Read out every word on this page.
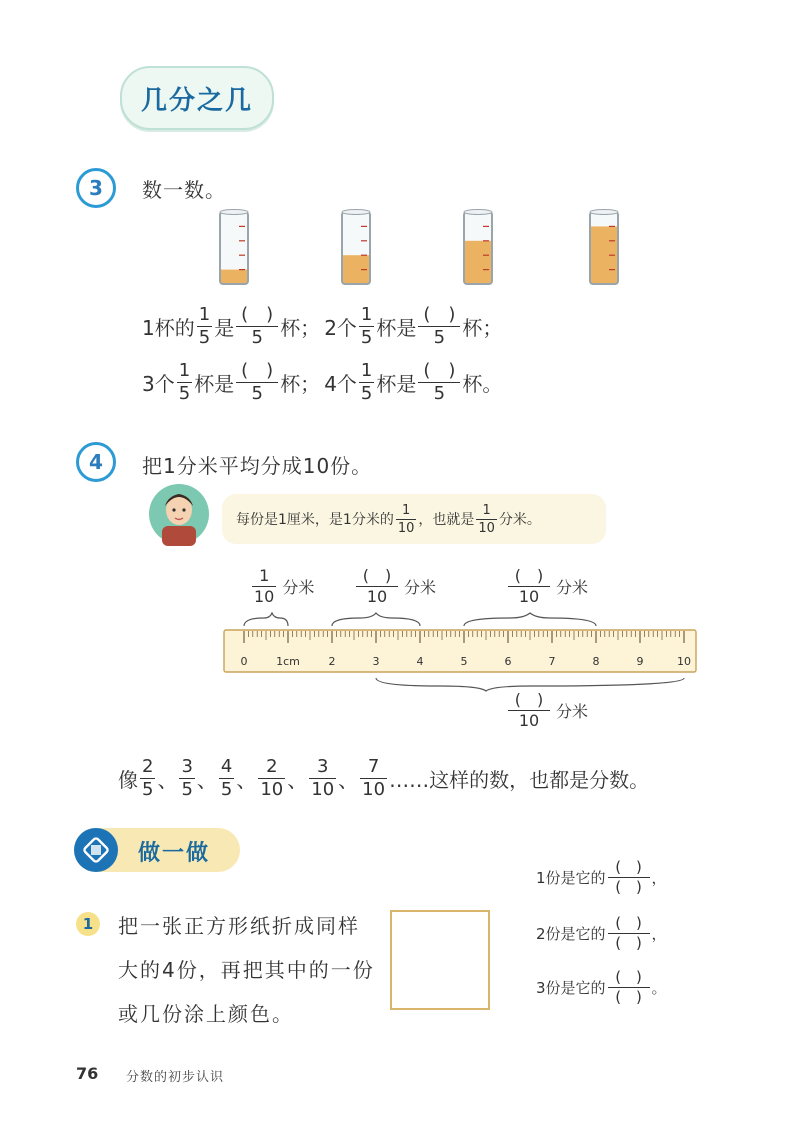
几分之几
3	数一数。
1杯的 $\frac{1}{5}$ 是 $\frac{( )}{5}$ 杯； 2个 $\frac{1}{5}$ 杯是 $\frac{( )}{5}$ 杯；
3个 $\frac{1}{5}$ 杯是 $\frac{( )}{5}$ 杯； 4个 $\frac{1}{5}$ 杯是 $\frac{( )}{5}$ 杯。
4	把1分米平均分成10份。
每份是1厘米，是1分米的 $\frac{1}{10}$ ，也就是 $\frac{1}{10}$ 分米。
$\frac{1}{10}$ 分米	$\frac{( )}{10}$ 分米	$\frac{( )}{10}$ 分米
$\frac{( )}{10}$ 分米
0	1cm	2	3	4	5	6	7	8	9	10
像 $\frac{2}{5}$ 、 $\frac{3}{5}$ 、 $\frac{4}{5}$ 、 $\frac{2}{10}$ 、 $\frac{3}{10}$ 、 $\frac{7}{10}$ ……这样的数，也都是分数。
做一做
1	把一张正方形纸折成同样大的4份，再把其中的一份或几份涂上颜色。
1份是它的 $\frac{( )}{( )}$ ，
2份是它的 $\frac{( )}{( )}$ ，
3份是它的 $\frac{( )}{( )}$ 。
76 分数的初步认识
